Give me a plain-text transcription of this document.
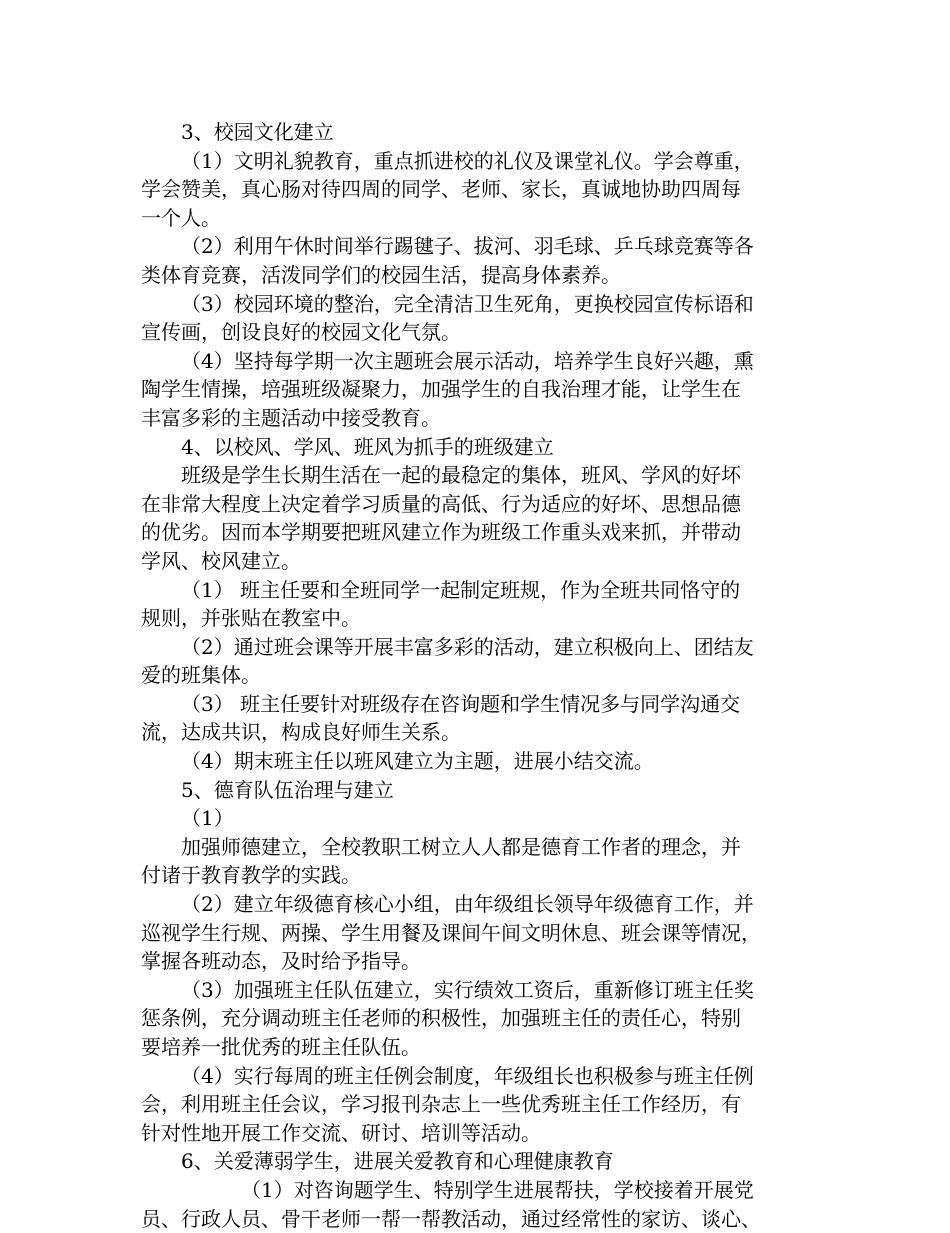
3、校园文化建立

（1）文明礼貌教育，重点抓进校的礼仪及课堂礼仪。学会尊重，

学会赞美，真心肠对待四周的同学、老师、家长，真诚地协助四周每

一个人。

（2）利用午休时间举行踢毽子、拔河、羽毛球、乒乓球竞赛等各

类体育竞赛，活泼同学们的校园生活，提高身体素养。

（3）校园环境的整治，完全清洁卫生死角，更换校园宣传标语和

宣传画，创设良好的校园文化气氛。

（4）坚持每学期一次主题班会展示活动，培养学生良好兴趣，熏

陶学生情操，培强班级凝聚力，加强学生的自我治理才能，让学生在

丰富多彩的主题活动中接受教育。

4、以校风、学风、班风为抓手的班级建立

班级是学生长期生活在一起的最稳定的集体，班风、学风的好坏

在非常大程度上决定着学习质量的高低、行为适应的好坏、思想品德

的优劣。因而本学期要把班风建立作为班级工作重头戏来抓，并带动

学风、校风建立。

（1） 班主任要和全班同学一起制定班规，作为全班共同恪守的

规则，并张贴在教室中。

（2）通过班会课等开展丰富多彩的活动，建立积极向上、团结友

爱的班集体。

（3） 班主任要针对班级存在咨询题和学生情况多与同学沟通交

流，达成共识，构成良好师生关系。

（4）期末班主任以班风建立为主题，进展小结交流。

5、德育队伍治理与建立

（1）

加强师德建立，全校教职工树立人人都是德育工作者的理念，并

付诸于教育教学的实践。

（2）建立年级德育核心小组，由年级组长领导年级德育工作，并

巡视学生行规、两操、学生用餐及课间午间文明休息、班会课等情况，

掌握各班动态，及时给予指导。

（3）加强班主任队伍建立，实行绩效工资后，重新修订班主任奖

惩条例，充分调动班主任老师的积极性，加强班主任的责任心，特别

要培养一批优秀的班主任队伍。

（4）实行每周的班主任例会制度，年级组长也积极参与班主任例

会，利用班主任会议，学习报刊杂志上一些优秀班主任工作经历，有

针对性地开展工作交流、研讨、培训等活动。

6、关爱薄弱学生，进展关爱教育和心理健康教育

（1）对咨询题学生、特别学生进展帮扶，学校接着开展党

员、行政人员、骨干老师一帮一帮教活动，通过经常性的家访、谈心、
